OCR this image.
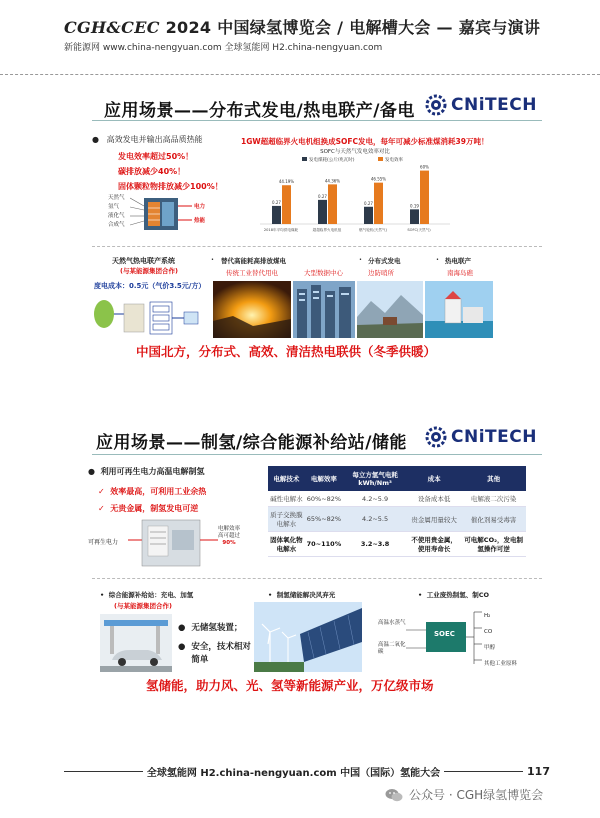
CGH&CEC 2024 中国绿氢博览会 / 电解槽大会 — 嘉宾与演讲
新能源网 www.china-nengyuan.com 全球氢能网 H2.china-nengyuan.com
应用场景——分布式发电/热电联产/备电 CNiTECH
●   高效发电并输出高品质热能
发电效率超过50%！
碳排放减少40%！
固体颗粒物排放减少100%！
天然气
氢气
液化气
合成气
电力
热能
1GW超超临界火电机组换成SOFC发电，每年可减少标准煤消耗39万吨！
SOFC与天然气发电效率对比
发电煤耗(公斤/兆瓦时)	发电效率
0.27
44.19%
2018年平均供电煤耗
0.27
44.36%
超超临界火电机组
0.27
46.55%
燃气轮机(天然气)
0.19
60%
SOFC(天然气)
天然气热电联产系统
(与某能源集团合作)
度电成本：0.5元（气价3.5元/方）
替代高能耗高排放煤电
传统工业替代用电	大型数据中心
分布式发电
边防哨所
热电联产
南海岛礁
•	•	•
中国北方，分布式、高效、清洁热电联供（冬季供暖）
应用场景——制氢/综合能源补给站/储能	CNiTECH
●  利用可再生电力高温电解制氢
✓  效率最高，可利用工业余热
✓  无贵金属，制氢发电可逆
可再生电力
电解效率
高可超过
90%
电解技术	电解效率	每立方氢气电耗kWh/Nm³	成本	其他
碱性电解水	60%~82%	4.2~5.9	设备成本低	电解液二次污染
质子交换膜电解水	65%~82%	4.2~5.5	贵金属用量较大	催化剂易受毒害
固体氧化物电解水	70~110%	3.2~3.8	不使用贵金属，使用寿命长	可电解CO₂，发电制氢操作可逆
•  综合能源补给站：充电、加氢
(与某能源集团合作)
●  无储氢装置；
● 安全，技术相对简单
•  制氢储能解决风弃光	•  工业废热制氢、制CO
高温水蒸气
高温二氧化碳
SOEC
H₂
CO
甲醇
其他工业原料
氢储能，助力风、光、氢等新能源产业，万亿级市场
全球氢能网 H2.china-nengyuan.com 中国（国际）氢能大会	117
公众号 · CGH绿氢博览会
